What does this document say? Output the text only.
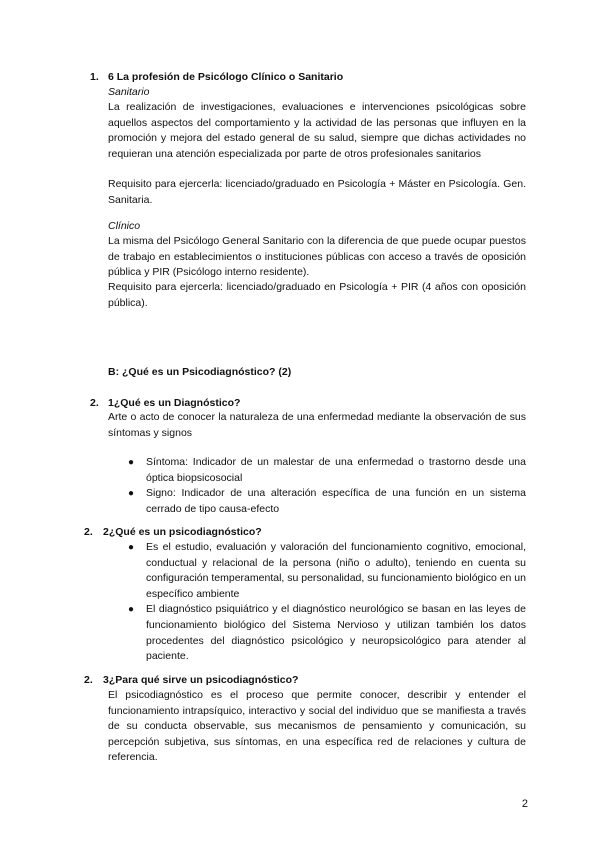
1. 6 La profesión de Psicólogo Clínico o Sanitario
Sanitario
La realización de investigaciones, evaluaciones e intervenciones psicológicas sobre aquellos aspectos del comportamiento y la actividad de las personas que influyen en la promoción y mejora del estado general de su salud, siempre que dichas actividades no requieran una atención especializada por parte de otros profesionales sanitarios
Requisito para ejercerla: licenciado/graduado en Psicología + Máster en Psicología. Gen. Sanitaria.
Clínico
La misma del Psicólogo General Sanitario con la diferencia de que puede ocupar puestos de trabajo en establecimientos o instituciones públicas con acceso a través de oposición pública y PIR (Psicólogo interno residente).
Requisito para ejercerla: licenciado/graduado en Psicología + PIR (4 años con oposición pública).
B: ¿Qué es un Psicodiagnóstico? (2)
2. 1¿Qué es un Diagnóstico?
Arte o acto de conocer la naturaleza de una enfermedad mediante la observación de sus síntomas y signos
● Síntoma: Indicador de un malestar de una enfermedad o trastorno desde una óptica biopsicosocial
● Signo: Indicador de una alteración específica de una función en un sistema cerrado de tipo causa-efecto
2. 2¿Qué es un psicodiagnóstico?
● Es el estudio, evaluación y valoración del funcionamiento cognitivo, emocional, conductual y relacional de la persona (niño o adulto), teniendo en cuenta su configuración temperamental, su personalidad, su funcionamiento biológico en un específico ambiente
● El diagnóstico psiquiátrico y el diagnóstico neurológico se basan en las leyes de funcionamiento biológico del Sistema Nervioso y utilizan también los datos procedentes del diagnóstico psicológico y neuropsicológico para atender al paciente.
2. 3¿Para qué sirve un psicodiagnóstico?
El psicodiagnóstico es el proceso que permite conocer, describir y entender el funcionamiento intrapsíquico, interactivo y social del individuo que se manifiesta a través de su conducta observable, sus mecanismos de pensamiento y comunicación, su percepción subjetiva, sus síntomas, en una específica red de relaciones y cultura de referencia.
2
